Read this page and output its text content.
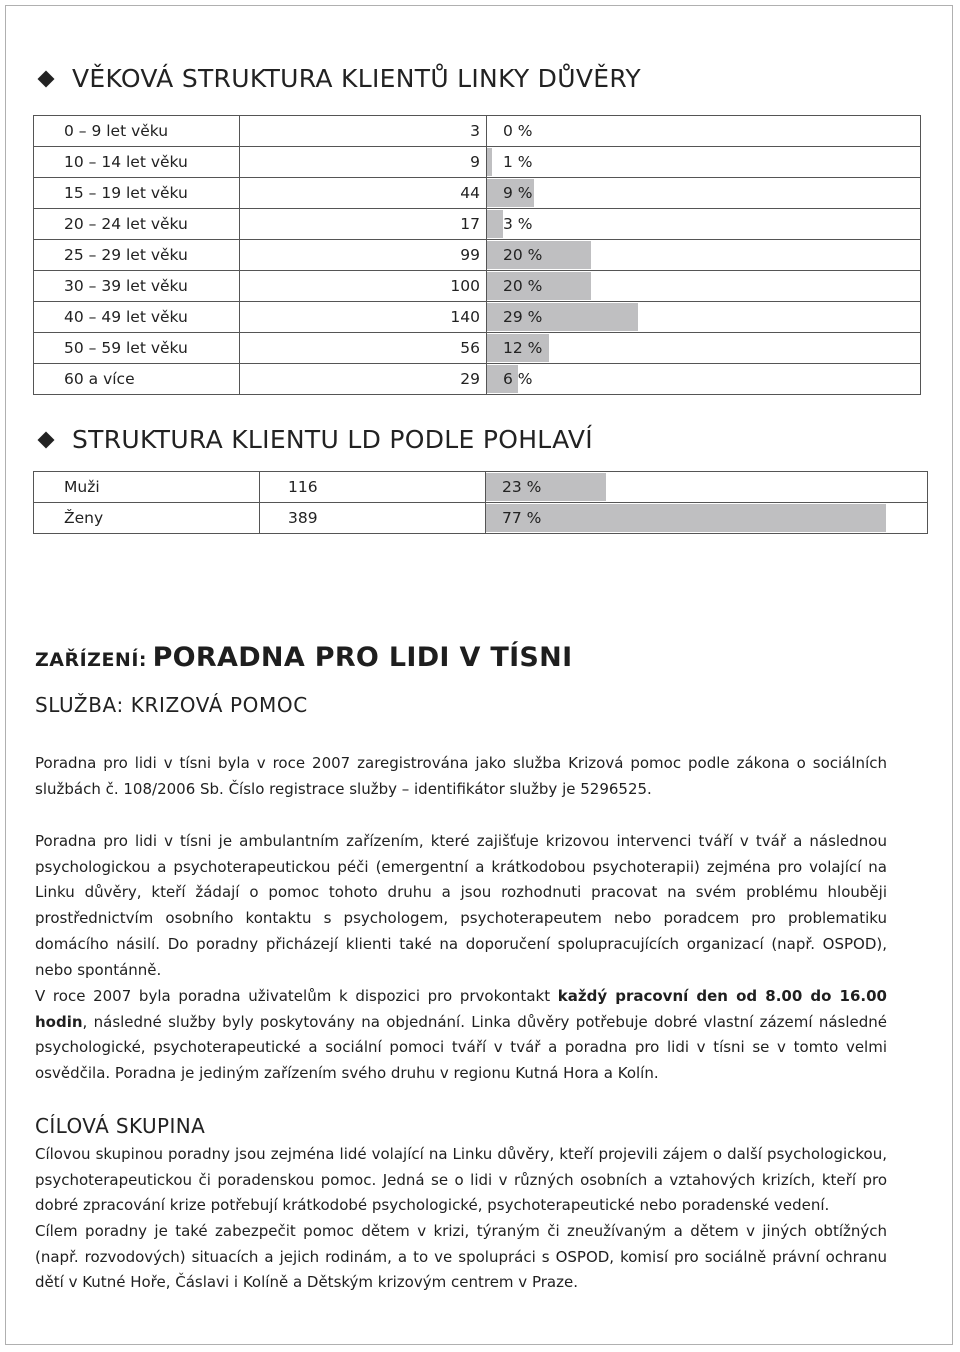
VĚKOVÁ STRUKTURA KLIENTŮ LINKY DŮVĚRY
0 – 9 let věku	3	0 %

10 – 14 let věku	9	1 %

15 – 19 let věku	44	9 %

20 – 24 let věku	17	3 %

25 – 29 let věku	99	20 %

30 – 39 let věku	100	20 %

40 – 49 let věku	140	29 %

50 – 59 let věku	56	12 %

60 a více	29	6 %
STRUKTURA KLIENTU LD PODLE POHLAVÍ
Muži	116	23 %

Ženy	389	77 %
ZAŘÍZENÍ: PORADNA PRO LIDI V TÍSNI
SLUŽBA: KRIZOVÁ POMOC

Poradna pro lidi v tísni byla v roce 2007 zaregistrována jako služba Krizová pomoc podle zákona o sociálních službách č. 108/2006 Sb. Číslo registrace služby – identifikátor služby je 5296525.

Poradna pro lidi v tísni je ambulantním zařízením, které zajišťuje krizovou intervenci tváří v tvář a následnou psychologickou a psychoterapeutickou péči (emergentní a krátkodobou psychoterapii) zejména pro volající na Linku důvěry, kteří žádají o pomoc tohoto druhu a jsou rozhodnuti pracovat na svém problému hlouběji prostřednictvím osobního kontaktu s psychologem, psychoterapeutem nebo poradcem pro problematiku domácího násilí. Do poradny přicházejí klienti také na doporučení spolupracujících organizací (např. OSPOD), nebo spontánně.

V roce 2007 byla poradna uživatelům k dispozici pro prvokontakt každý pracovní den od 8.00 do 16.00 hodin, následné služby byly poskytovány na objednání. Linka důvěry potřebuje dobré vlastní zázemí následné psychologické, psychoterapeutické a sociální pomoci tváří v tvář a poradna pro lidi v tísni se v tomto velmi osvědčila. Poradna je jediným zařízením svého druhu v regionu Kutná Hora a Kolín.

CÍLOVÁ SKUPINA

Cílovou skupinou poradny jsou zejména lidé volající na Linku důvěry, kteří projevili zájem o další psychologickou, psychoterapeutickou či poradenskou pomoc. Jedná se o lidi v různých osobních a vztahových krizích, kteří pro dobré zpracování krize potřebují krátkodobé psychologické, psychoterapeutické nebo poradenské vedení.

Cílem poradny je také zabezpečit pomoc dětem v krizi, týraným či zneužívaným a dětem v jiných obtížných (např. rozvodových) situacích a jejich rodinám, a to ve spolupráci s OSPOD, komisí pro sociálně právní ochranu dětí v Kutné Hoře, Čáslavi i Kolíně a Dětským krizovým centrem v Praze.
